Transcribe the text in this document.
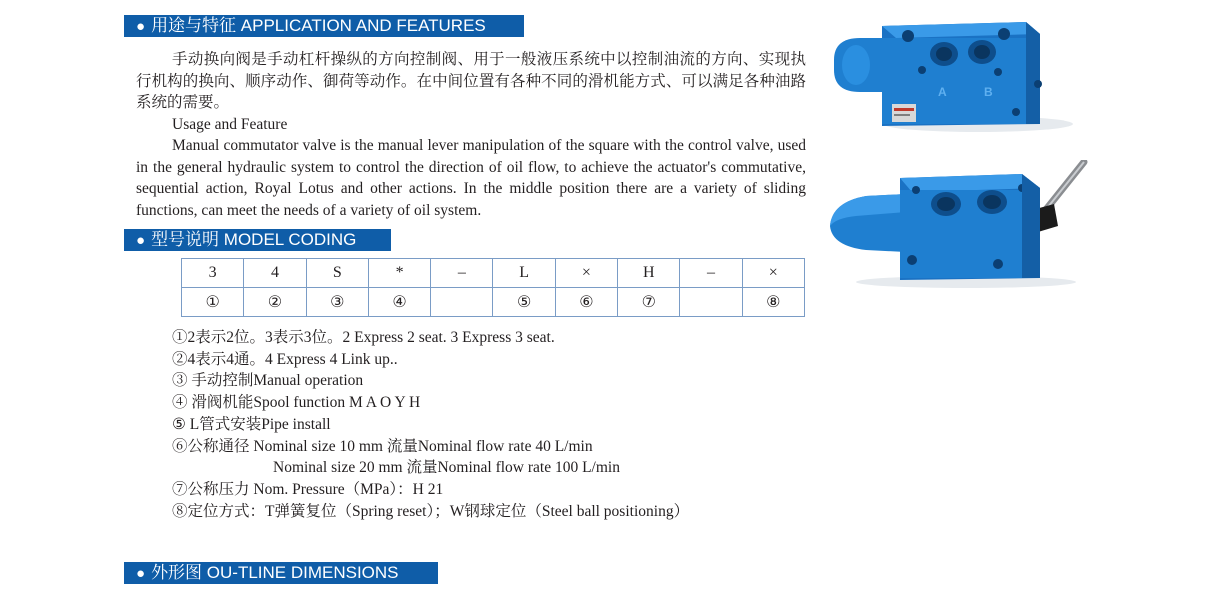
● 用途与特征 APPLICATION AND FEATURES

手动换向阀是手动杠杆操纵的方向控制阀、用于一般液压系统中以控制油流的方向、实现执行机构的换向、顺序动作、御荷等动作。在中间位置有各种不同的滑机能方式、可以满足各种油路系统的需要。

Usage and Feature

Manual commutator valve is the manual lever manipulation of the square with the control valve, used in the general hydraulic system to control the direction of oil flow, to achieve the actuator's commutative, sequential action, Royal Lotus and other actions. In the middle position there are a variety of sliding functions, can meet the needs of a variety of oil system.

● 型号说明 MODEL CODING
3	4	S	*	–	L	×	H	–	×
①	②	③	④		⑤	⑥	⑦		⑧
①2表示2位。3表示3位。2 Express 2 seat. 3 Express 3 seat.
②4表示4通。4 Express 4 Link up..
③ 手动控制Manual operation
④ 滑阀机能Spool function M A O Y H
⑤ L管式安装Pipe install
⑥公称通径 Nominal size 10 mm 流量Nominal flow rate 40 L/min
Nominal size 20 mm 流量Nominal flow rate 100 L/min
⑦公称压力 Nom. Pressure（MPa）：H 21
⑧定位方式：T弹簧复位（Spring reset）；W钢球定位（Steel ball positioning）
● 外形图 OU-TLINE DIMENSIONS
A	B
